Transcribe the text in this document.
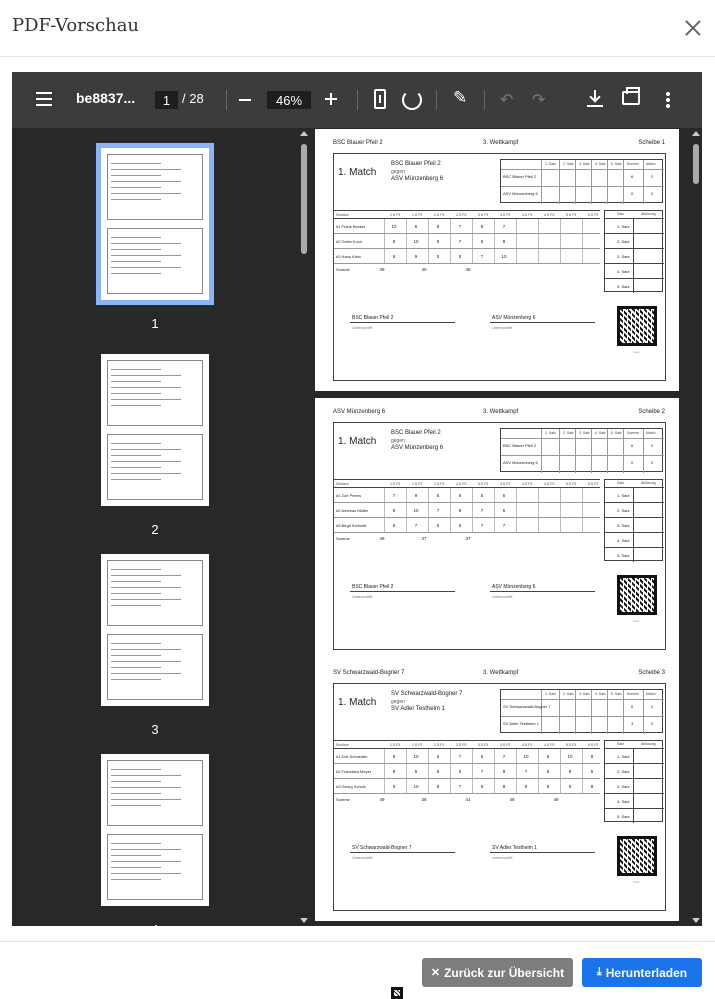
PDF-Vorschau
be8837...	1 / 28	46%	✎ ↶ ↷
1
2
3
4
BSC Blauer Pfeil 2	3. Wettkampf	Scheibe 1
1. Match
BSC Blauer Pfeil 2
gegen
ASV Münzenberg 6
1. Satz 2. Satz 3. Satz 4. Satz 5. Satz Summe Match
BSC Blauer Pfeil 2	6	2
ASV Münzenberg 6	0	0
Schütze	1.S P1	1.S P2	2.S P1	2.S P2	3.S P1	3.S P2	4.S P1	4.S P2	5.S P1	5.S P2
#1 Frank Becker	10	6	8	7	8	7
#2 Greta Koch	8	10	5	7	5	8
#3 Hans Klein	6	9	5	8	7	10
Summe	49	40	45
Satz	Ablösung
1. Satz
2. Satz
3. Satz
4. Satz
5. Satz
BSC Blauer Pfeil 2
Unterschrift
ASV Münzenberg 6
Unterschrift
Scan
ASV Münzenberg 6	3. Wettkampf	Scheibe 2
1. Match
BSC Blauer Pfeil 2
gegen
ASV Münzenberg 6
1. Satz 2. Satz 3. Satz 4. Satz 5. Satz Summe Match
BSC Blauer Pfeil 2	6	2
ASV Münzenberg 6	0	0
Schütze	1.S P1	1.S P2	2.S P1	2.S P2	3.S P1	3.S P2	4.S P1	4.S P2	5.S P1	5.S P2
#1 Zoe Peters	7	9	5	6	5	5
#2 Andreas Müller	9	10	7	9	7	6
#3 Birgit Schmidt	6	7	5	5	7	7
Summe	48	37	37
Satz	Ablösung
1. Satz
2. Satz
3. Satz
4. Satz
5. Satz
BSC Blauer Pfeil 2
Unterschrift
ASV Münzenberg 6
Unterschrift
Scan
SV Schwarzwald-Bogner 7	3. Wettkampf	Scheibe 3
1. Match
SV Schwarzwald-Bogner 7
gegen
SV Adler Testheim 1
1. Satz 2. Satz 3. Satz 4. Satz 5. Satz Summe Match
SV Schwarzwald-Bogner 7	6	2
SV Adler Testheim 1	3	0
Schütze	1.S P1	1.S P2	2.S P1	2.S P2	3.S P1	3.S P2	4.S P1	4.S P2	5.S P1	5.S P2
#1 Erik Schneider	9	10	5	7	5	7	10	6	10	8
#2 Franziska Meyer	9	6	6	5	7	9	7	6	9	6
#3 Georg Schulz	5	10	8	7	6	8	9	8	9	8
Summe	49	38	41	46	49
Satz	Ablösung
1. Satz
2. Satz
3. Satz
4. Satz
5. Satz
SV Schwarzwald-Bogner 7
Unterschrift
SV Adler Testheim 1
Unterschrift
Scan
✕ Zurück zur Übersicht	⤓ Herunterladen
